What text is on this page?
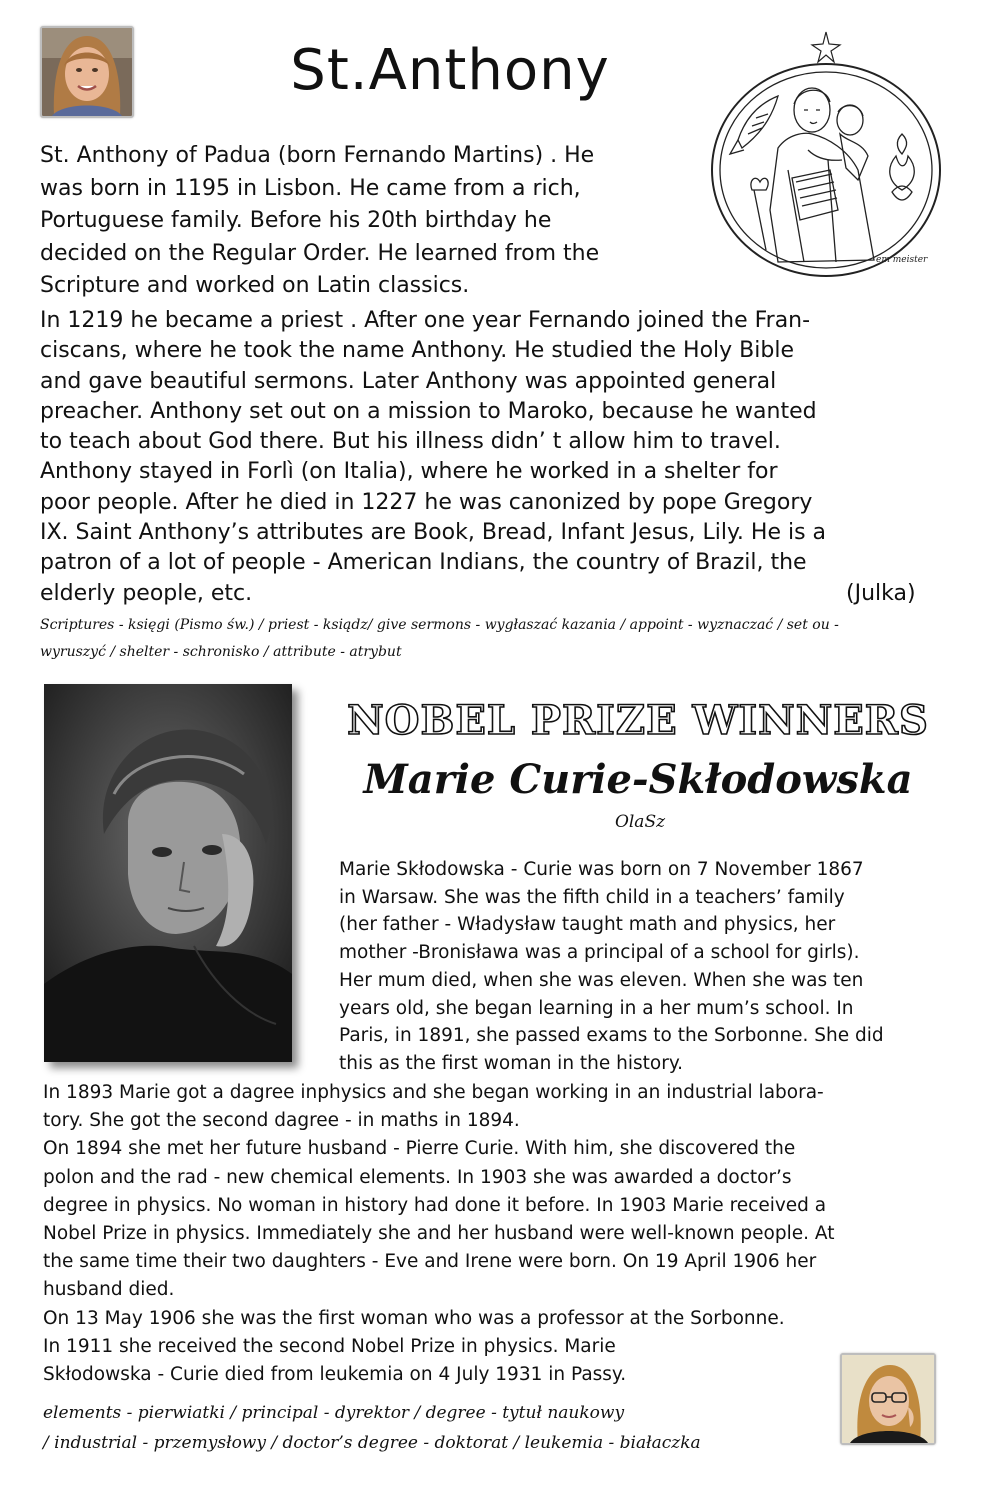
St.Anthony
em meister
St. Anthony of Padua (born Fernando Martins) . He
was born in 1195 in Lisbon. He came from a rich,
Portuguese family. Before his 20th birthday he
decided on the Regular Order. He learned from the
Scripture and worked on Latin classics.
In 1219 he became a priest . After one year Fernando joined the Fran-
ciscans, where he took the name Anthony. He studied the Holy Bible
and gave beautiful sermons. Later Anthony was appointed general
preacher. Anthony set out on a mission to Maroko, because he wanted
to teach about God there. But his illness didn’ t allow him to travel.
Anthony stayed in Forlì (on Italia), where he worked in a shelter for
poor people. After he died in 1227 he was canonized by pope Gregory
IX. Saint Anthony’s attributes are Book, Bread, Infant Jesus, Lily. He is a
patron of a lot of people - American Indians, the country of Brazil, the
elderly people, etc.	(Julka)
Scriptures - księgi (Pismo św.) / priest - ksiądz/ give sermons - wygłaszać kazania / appoint - wyznaczać / set ou -
wyruszyć / shelter - schronisko / attribute - atrybut
NOBEL PRIZE WINNERS
Marie Curie-Skłodowska
OlaSz
Marie Skłodowska - Curie was born on 7 November 1867
in Warsaw. She was the fifth child in a teachers’ family
(her father - Władysław taught math and physics, her
mother -Bronisława was a principal of a school for girls).
Her mum died, when she was eleven. When she was ten
years old, she began learning in a her mum’s school. In
Paris, in 1891, she passed exams to the Sorbonne. She did
this as the first woman in the history.
In 1893 Marie got a dagree inphysics and she began working in an industrial labora-
tory. She got the second dagree - in maths in 1894.
On 1894 she met her future husband - Pierre Curie. With him, she discovered the
polon and the rad - new chemical elements. In 1903 she was awarded a doctor’s
degree in physics. No woman in history had done it before. In 1903 Marie received a
Nobel Prize in physics. Immediately she and her husband were well-known people. At
the same time their two daughters - Eve and Irene were born. On 19 April 1906 her
husband died.
On 13 May 1906 she was the first woman who was a professor at the Sorbonne.
In 1911 she received the second Nobel Prize in physics. Marie
Skłodowska - Curie died from leukemia on 4 July 1931 in Passy.
elements - pierwiatki / principal - dyrektor / degree - tytuł naukowy
/ industrial - przemysłowy / doctor’s degree - doktorat / leukemia - białaczka
